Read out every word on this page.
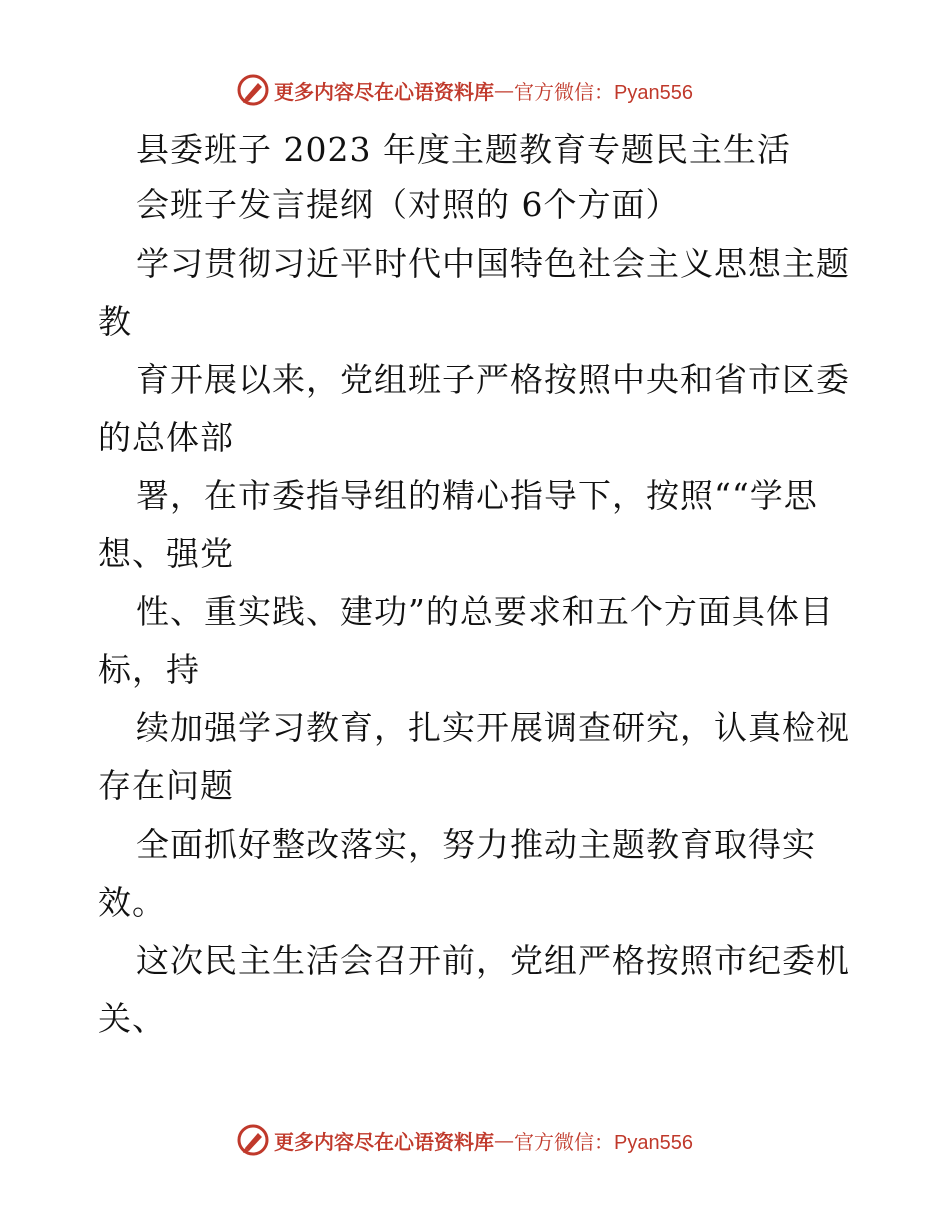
更多内容尽在心语资料库 — 官方微信：Pyan556
县委班子 2023 年度主题教育专题民主生活
会班子发言提纲（对照的 6个方面）
学习贯彻习近平时代中国特色社会主义思想主题
教
育开展以来，党组班子严格按照中央和省市区委
的总体部
署，在市委指导组的精心指导下，按照““学思
想、强党
性、重实践、建功”的总要求和五个方面具体目
标，持
续加强学习教育，扎实开展调查研究，认真检视
存在问题
全面抓好整改落实，努力推动主题教育取得实
效。
这次民主生活会召开前，党组严格按照市纪委机
关、
更多内容尽在心语资料库 — 官方微信：Pyan556
